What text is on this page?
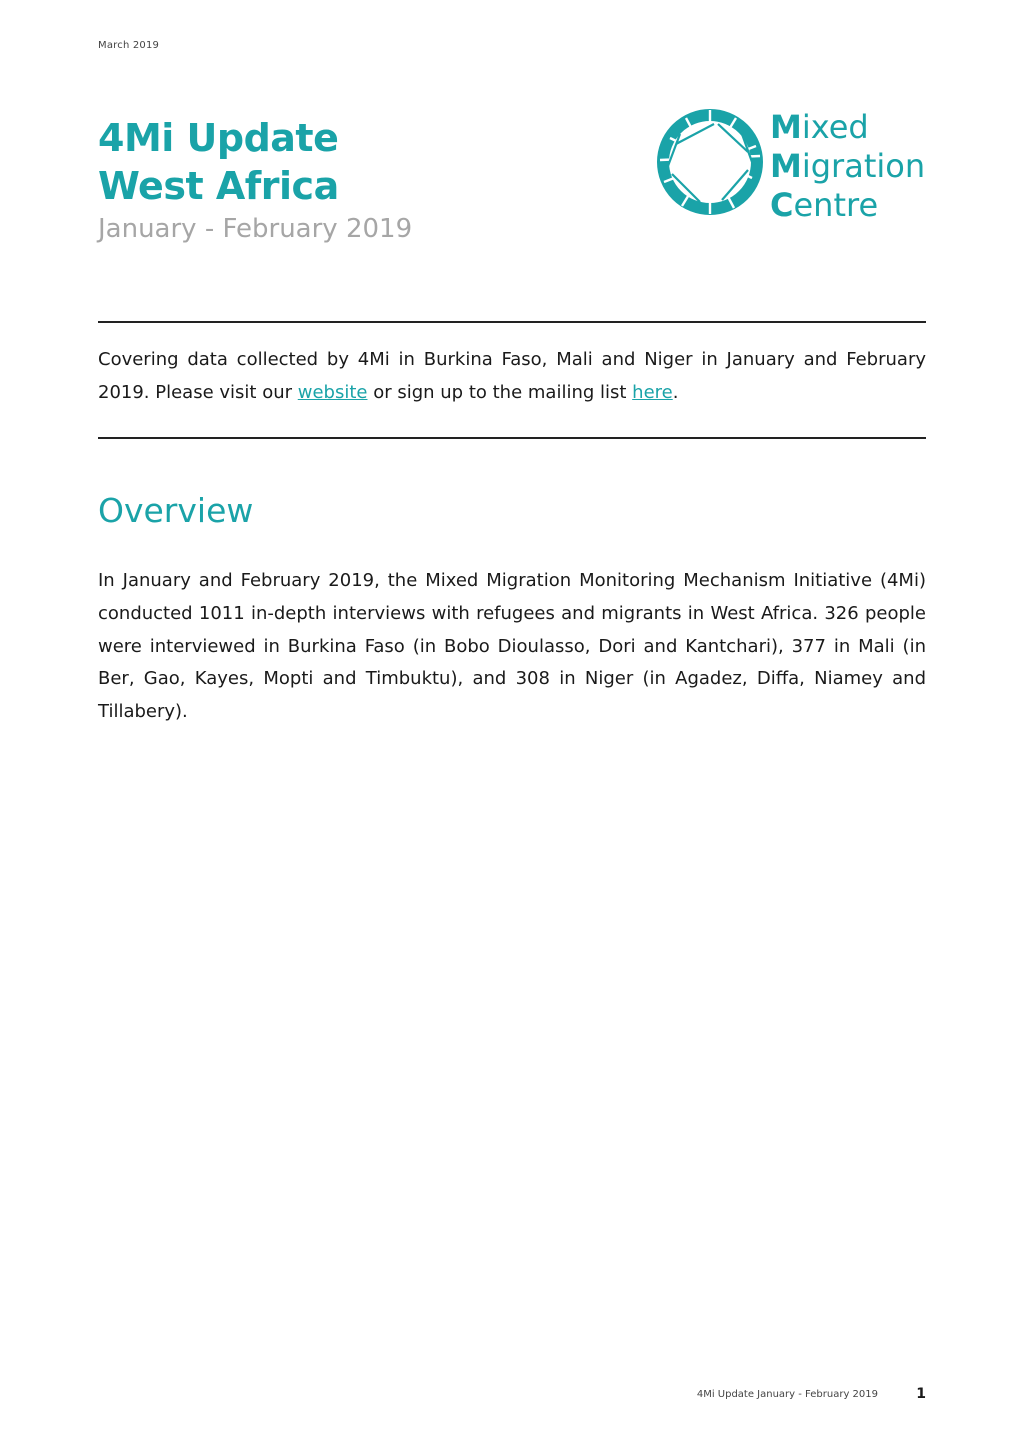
March 2019
4Mi Update
West Africa
January - February 2019
Mixed
Migration
Centre
Covering data collected by 4Mi in Burkina Faso, Mali and Niger in January and February 2019. Please visit our website or sign up to the mailing list here.
Overview
In January and February 2019, the Mixed Migration Monitoring Mechanism Initiative (4Mi) conducted 1011 in-depth interviews with refugees and migrants in West Africa. 326 people were interviewed in Burkina Faso (in Bobo Dioulasso, Dori and Kantchari), 377 in Mali (in Ber, Gao, Kayes, Mopti and Timbuktu), and 308 in Niger (in Agadez, Diffa, Niamey and Tillabery).
4Mi Update January - February 2019	1
